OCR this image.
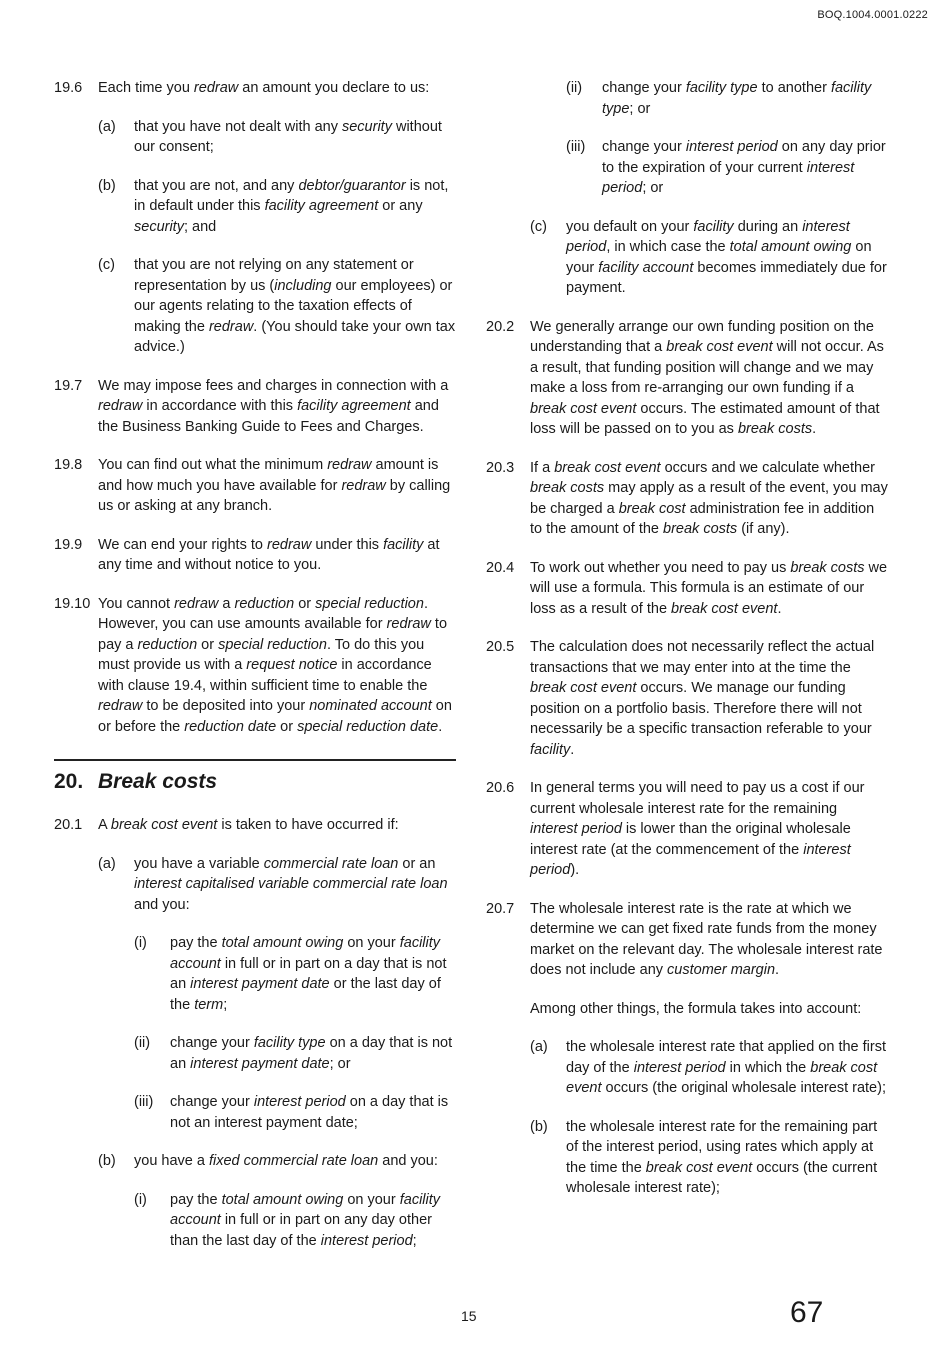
BOQ.1004.0001.0222
19.6 Each time you redraw an amount you declare to us:

(a) that you have not dealt with any security without our consent;

(b) that you are not, and any debtor/guarantor is not, in default under this facility agreement or any security; and

(c) that you are not relying on any statement or representation by us (including our employees) or our agents relating to the taxation effects of making the redraw. (You should take your own tax advice.)

19.7 We may impose fees and charges in connection with a redraw in accordance with this facility agreement and the Business Banking Guide to Fees and Charges.

19.8 You can find out what the minimum redraw amount is and how much you have available for redraw by calling us or asking at any branch.

19.9 We can end your rights to redraw under this facility at any time and without notice to you.

19.10 You cannot redraw a reduction or special reduction. However, you can use amounts available for redraw to pay a reduction or special reduction. To do this you must provide us with a request notice in accordance with clause 19.4, within sufficient time to enable the redraw to be deposited into your nominated account on or before the reduction date or special reduction date.

20. Break costs
20.1 A break cost event is taken to have occurred if:

(a) you have a variable commercial rate loan or an interest capitalised variable commercial rate loan and you:

(i) pay the total amount owing on your facility account in full or in part on a day that is not an interest payment date or the last day of the term;

(ii) change your facility type on a day that is not an interest payment date; or

(iii) change your interest period on a day that is not an interest payment date;

(b) you have a fixed commercial rate loan and you:

(i) pay the total amount owing on your facility account in full or in part on any day other than the last day of the interest period;

(ii) change your facility type to another facility type; or

(iii) change your interest period on any day prior to the expiration of your current interest period; or

(c) you default on your facility during an interest period, in which case the total amount owing on your facility account becomes immediately due for payment.

20.2 We generally arrange our own funding position on the understanding that a break cost event will not occur. As a result, that funding position will change and we may make a loss from re-arranging our own funding if a break cost event occurs. The estimated amount of that loss will be passed on to you as break costs.

20.3 If a break cost event occurs and we calculate whether break costs may apply as a result of the event, you may be charged a break cost administration fee in addition to the amount of the break costs (if any).

20.4 To work out whether you need to pay us break costs we will use a formula. This formula is an estimate of our loss as a result of the break cost event.

20.5 The calculation does not necessarily reflect the actual transactions that we may enter into at the time the break cost event occurs. We manage our funding position on a portfolio basis. Therefore there will not necessarily be a specific transaction referable to your facility.

20.6 In general terms you will need to pay us a cost if our current wholesale interest rate for the remaining interest period is lower than the original wholesale interest rate (at the commencement of the interest period).

20.7 The wholesale interest rate is the rate at which we determine we can get fixed rate funds from the money market on the relevant day. The wholesale interest rate does not include any customer margin.

Among other things, the formula takes into account:

(a) the wholesale interest rate that applied on the first day of the interest period in which the break cost event occurs (the original wholesale interest rate);

(b) the wholesale interest rate for the remaining part of the interest period, using rates which apply at the time the break cost event occurs (the current wholesale interest rate);

15	67
